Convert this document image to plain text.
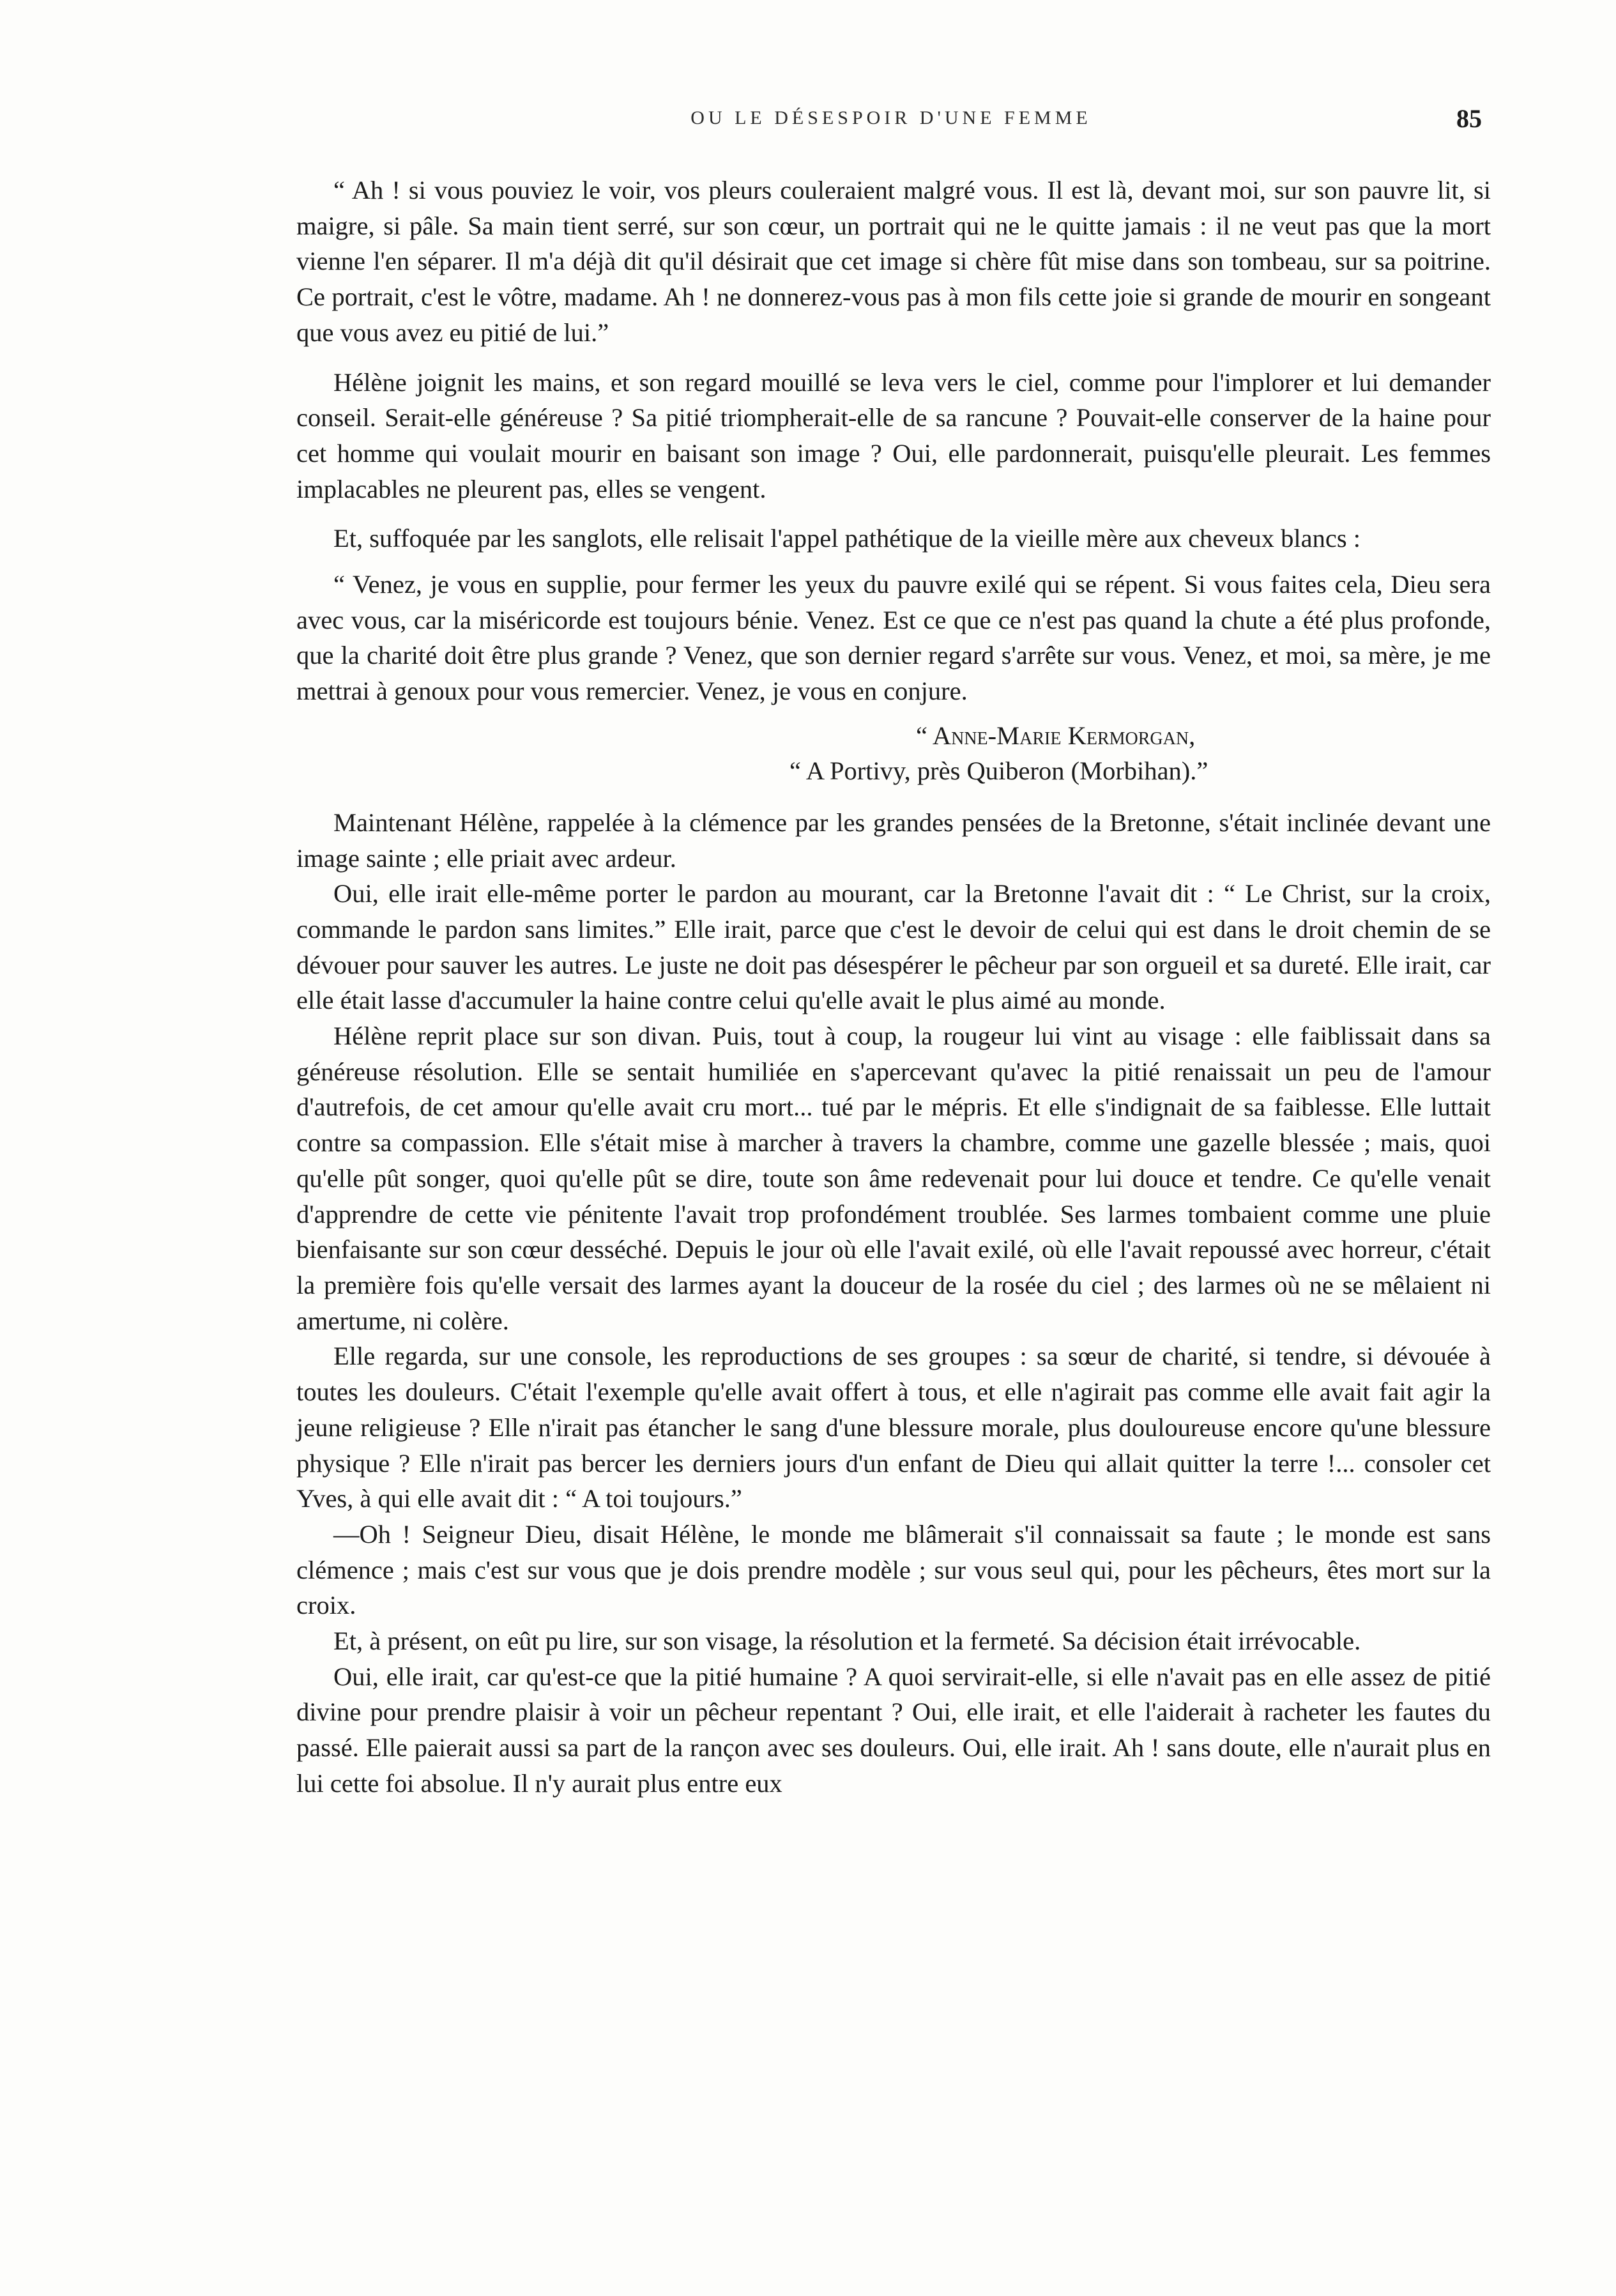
OU LE DÉSESPOIR D'UNE FEMME	85

“ Ah ! si vous pouviez le voir, vos pleurs couleraient malgré vous. Il est là, devant moi, sur son pauvre lit, si maigre, si pâle. Sa main tient serré, sur son cœur, un portrait qui ne le quitte jamais : il ne veut pas que la mort vienne l'en séparer. Il m'a déjà dit qu'il désirait que cet image si chère fût mise dans son tombeau, sur sa poitrine. Ce portrait, c'est le vôtre, madame. Ah ! ne donnerez-vous pas à mon fils cette joie si grande de mourir en songeant que vous avez eu pitié de lui.”

Hélène joignit les mains, et son regard mouillé se leva vers le ciel, comme pour l'implorer et lui demander conseil. Serait-elle généreuse ? Sa pitié triompherait-elle de sa rancune ? Pouvait-elle conserver de la haine pour cet homme qui voulait mourir en baisant son image ? Oui, elle pardonnerait, puisqu'elle pleurait. Les femmes implacables ne pleurent pas, elles se vengent.

Et, suffoquée par les sanglots, elle relisait l'appel pathétique de la vieille mère aux cheveux blancs :

“ Venez, je vous en supplie, pour fermer les yeux du pauvre exilé qui se répent. Si vous faites cela, Dieu sera avec vous, car la miséricorde est toujours bénie. Venez. Est ce que ce n'est pas quand la chute a été plus profonde, que la charité doit être plus grande ? Venez, que son dernier regard s'arrête sur vous. Venez, et moi, sa mère, je me mettrai à genoux pour vous remercier. Venez, je vous en conjure.

“ Anne-Marie Kermorgan,

“ A Portivy, près Quiberon (Morbihan).”

Maintenant Hélène, rappelée à la clémence par les grandes pensées de la Bretonne, s'était inclinée devant une image sainte ; elle priait avec ardeur.

Oui, elle irait elle-même porter le pardon au mourant, car la Bretonne l'avait dit : “ Le Christ, sur la croix, commande le pardon sans limites.” Elle irait, parce que c'est le devoir de celui qui est dans le droit chemin de se dévouer pour sauver les autres. Le juste ne doit pas désespérer le pêcheur par son orgueil et sa dureté. Elle irait, car elle était lasse d'accumuler la haine contre celui qu'elle avait le plus aimé au monde.

Hélène reprit place sur son divan. Puis, tout à coup, la rougeur lui vint au visage : elle faiblissait dans sa généreuse résolution. Elle se sentait humiliée en s'apercevant qu'avec la pitié renaissait un peu de l'amour d'autrefois, de cet amour qu'elle avait cru mort... tué par le mépris. Et elle s'indignait de sa faiblesse. Elle luttait contre sa compassion. Elle s'était mise à marcher à travers la chambre, comme une gazelle blessée ; mais, quoi qu'elle pût songer, quoi qu'elle pût se dire, toute son âme redevenait pour lui douce et tendre. Ce qu'elle venait d'apprendre de cette vie pénitente l'avait trop profondément troublée. Ses larmes tombaient comme une pluie bienfaisante sur son cœur desséché. Depuis le jour où elle l'avait exilé, où elle l'avait repoussé avec horreur, c'était la première fois qu'elle versait des larmes ayant la douceur de la rosée du ciel ; des larmes où ne se mêlaient ni amertume, ni colère.

Elle regarda, sur une console, les reproductions de ses groupes : sa sœur de charité, si tendre, si dévouée à toutes les douleurs. C'était l'exemple qu'elle avait offert à tous, et elle n'agirait pas comme elle avait fait agir la jeune religieuse ? Elle n'irait pas étancher le sang d'une blessure morale, plus douloureuse encore qu'une blessure physique ? Elle n'irait pas bercer les derniers jours d'un enfant de Dieu qui allait quitter la terre !... consoler cet Yves, à qui elle avait dit : “ A toi toujours.”

—Oh ! Seigneur Dieu, disait Hélène, le monde me blâmerait s'il connaissait sa faute ; le monde est sans clémence ; mais c'est sur vous que je dois prendre modèle ; sur vous seul qui, pour les pêcheurs, êtes mort sur la croix.

Et, à présent, on eût pu lire, sur son visage, la résolution et la fermeté. Sa décision était irrévocable.

Oui, elle irait, car qu'est-ce que la pitié humaine ? A quoi servirait-elle, si elle n'avait pas en elle assez de pitié divine pour prendre plaisir à voir un pêcheur repentant ? Oui, elle irait, et elle l'aiderait à racheter les fautes du passé. Elle paierait aussi sa part de la rançon avec ses douleurs. Oui, elle irait. Ah ! sans doute, elle n'aurait plus en lui cette foi absolue. Il n'y aurait plus entre eux
